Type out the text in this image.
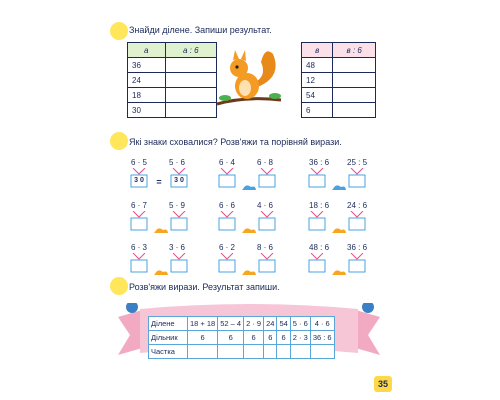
Знайди ділене. Запиши результат.
а	а : 6
36	
24	
18	
30	
в	в : 6
48	
12	
54	
6	
Які знаки сховалися? Розв'яжи та порівняй вирази.
6 · 5	5 · 6
3 0	=	3 0
6 · 4	6 · 8	36 : 6 25 : 5
6 · 7	5 · 9	6 · 6	4 · 6	18 : 6 24 : 6
6 · 3	3 · 6	6 · 2	8 · 6	48 : 6 36 : 6
Розв'яжи вирази. Результат запиши.
Ділене	18 + 18	52 – 4	2 · 9	24	54	5 · 6	4 · 6
Дільник	6	6	6	6	6	2 · 3	36 : 6
Частка							
35
